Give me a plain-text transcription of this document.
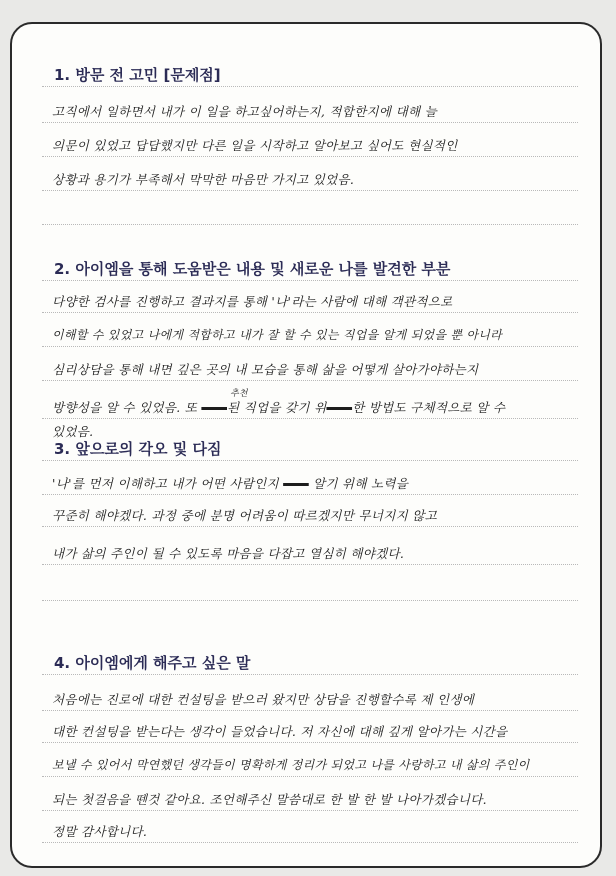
1. 방문 전 고민 [문제점]
고직에서 일하면서 내가 이 일을 하고싶어하는지, 적합한지에 대해 늘
의문이 있었고 답답했지만 다른 일을 시작하고 알아보고 싶어도 현실적인
상황과 용기가 부족해서 막막한 마음만 가지고 있었음.
2. 아이엠을 통해 도움받은 내용 및 새로운 나를 발견한 부분
다양한 검사를 진행하고 결과지를 통해 '나'라는 사람에 대해 객관적으로
이해할 수 있었고 나에게 적합하고 내가 잘 할 수 있는 직업을 알게 되었을 뿐 아니라
심리상담을 통해 내면 깊은 곳의 내 모습을 통해 삶을 어떻게 살아가야하는지
추천
방향성을 알 수 있었음. 또   된 직업을 갖기 위   한 방법도 구체적으로 알 수
있었음.
3. 앞으로의 각오 및 다짐
'나'를 먼저 이해하고 내가 어떤 사람인지    알기 위해 노력을
꾸준히 해야겠다. 과정 중에 분명 어려움이 따르겠지만 무너지지 않고
내가 삶의 주인이 될 수 있도록 마음을 다잡고 열심히 해야겠다.
4. 아이엠에게 해주고 싶은 말
처음에는 진로에 대한 컨설팅을 받으러 왔지만 상담을 진행할수록 제 인생에
대한 컨설팅을 받는다는 생각이 들었습니다. 저 자신에 대해 깊게 알아가는 시간을
보낼 수 있어서 막연했던 생각들이 명확하게 정리가 되었고 나를 사랑하고 내 삶의 주인이
되는 첫걸음을 뗀것 같아요. 조언해주신 말씀대로 한 발 한 발 나아가겠습니다.
정말 감사합니다.
